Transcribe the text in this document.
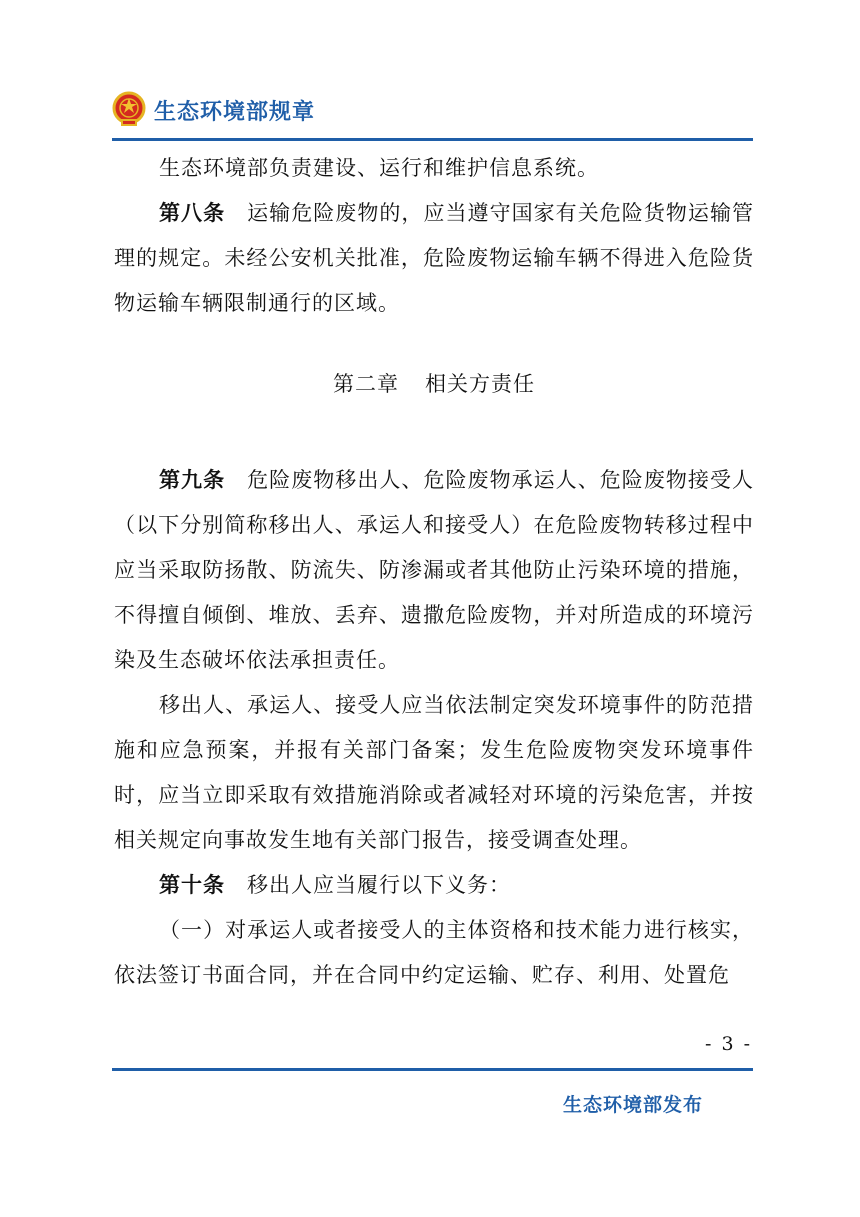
生态环境部规章

生态环境部负责建设、运行和维护信息系统。

第八条 运输危险废物的，应当遵守国家有关危险货物运输管理的规定。未经公安机关批准，危险废物运输车辆不得进入危险货物运输车辆限制通行的区域。

第二章 相关方责任

第九条 危险废物移出人、危险废物承运人、危险废物接受人（以下分别简称移出人、承运人和接受人）在危险废物转移过程中应当采取防扬散、防流失、防渗漏或者其他防止污染环境的措施，不得擅自倾倒、堆放、丢弃、遗撒危险废物，并对所造成的环境污染及生态破坏依法承担责任。

移出人、承运人、接受人应当依法制定突发环境事件的防范措施和应急预案，并报有关部门备案；发生危险废物突发环境事件时，应当立即采取有效措施消除或者减轻对环境的污染危害，并按相关规定向事故发生地有关部门报告，接受调查处理。

第十条 移出人应当履行以下义务：

（一）对承运人或者接受人的主体资格和技术能力进行核实，依法签订书面合同，并在合同中约定运输、贮存、利用、处置危

- 3 -
生态环境部发布
